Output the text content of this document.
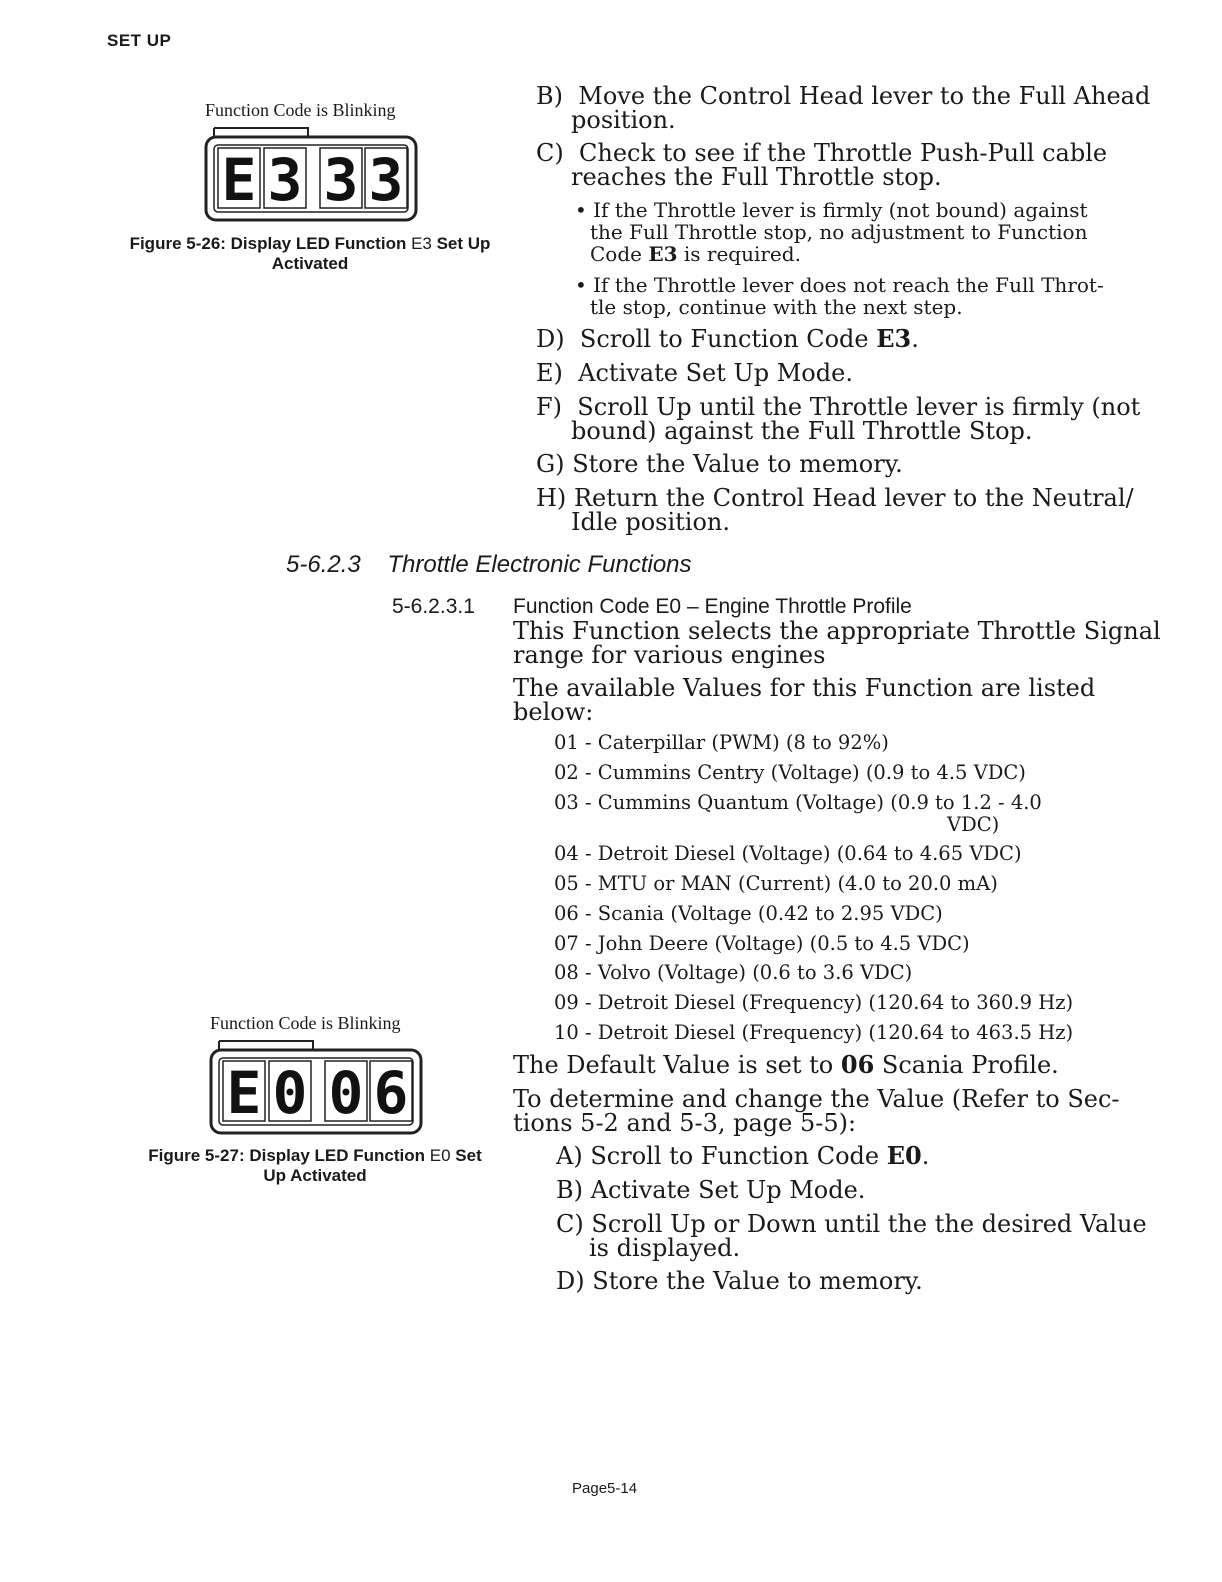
SET UP
Function Code is Blinking
E 3 3 3
Figure 5-26: Display LED Function E3 Set Up
Activated
B) Move the Control Head lever to the Full Ahead
position.
C) Check to see if the Throttle Push-Pull cable
reaches the Full Throttle stop.
• If the Throttle lever is firmly (not bound) against
the Full Throttle stop, no adjustment to Function
Code E3 is required.
• If the Throttle lever does not reach the Full Throt-
tle stop, continue with the next step.
D) Scroll to Function Code E3.
E) Activate Set Up Mode.
F) Scroll Up until the Throttle lever is firmly (not
bound) against the Full Throttle Stop.
G) Store the Value to memory.
H) Return the Control Head lever to the Neutral/
Idle position.
5-6.2.3 Throttle Electronic Functions
5-6.2.3.1 Function Code E0 – Engine Throttle Profile
This Function selects the appropriate Throttle Signal
range for various engines
The available Values for this Function are listed
below:
01 - Caterpillar (PWM) (8 to 92%)
02 - Cummins Centry (Voltage) (0.9 to 4.5 VDC)
03 - Cummins Quantum (Voltage) (0.9 to 1.2 - 4.0
VDC)
04 - Detroit Diesel (Voltage) (0.64 to 4.65 VDC)
05 - MTU or MAN (Current) (4.0 to 20.0 mA)
06 - Scania (Voltage (0.42 to 2.95 VDC)
07 - John Deere (Voltage) (0.5 to 4.5 VDC)
08 - Volvo (Voltage) (0.6 to 3.6 VDC)
09 - Detroit Diesel (Frequency) (120.64 to 360.9 Hz)
10 - Detroit Diesel (Frequency) (120.64 to 463.5 Hz)
Function Code is Blinking
E 0 0 6
Figure 5-27: Display LED Function E0 Set
Up Activated
The Default Value is set to 06 Scania Profile.
To determine and change the Value (Refer to Sec-
tions 5-2 and 5-3, page 5-5):
A) Scroll to Function Code E0.
B) Activate Set Up Mode.
C) Scroll Up or Down until the the desired Value
is displayed.
D) Store the Value to memory.
Page5-14
